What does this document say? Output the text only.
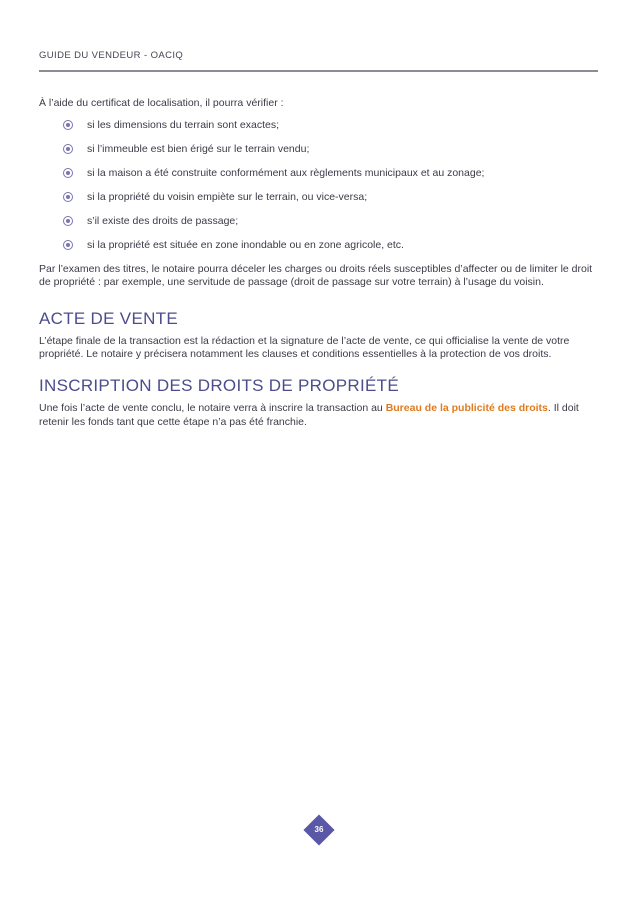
GUIDE DU VENDEUR - OACIQ

À l’aide du certificat de localisation, il pourra vérifier :

si les dimensions du terrain sont exactes;
si l’immeuble est bien érigé sur le terrain vendu;
si la maison a été construite conformément aux règlements municipaux et au zonage;
si la propriété du voisin empiète sur le terrain, ou vice-versa;
s’il existe des droits de passage;
si la propriété est située en zone inondable ou en zone agricole, etc.

Par l’examen des titres, le notaire pourra déceler les charges ou droits réels susceptibles d’affecter ou de limiter le droit de propriété : par exemple, une servitude de passage (droit de passage sur votre terrain) à l’usage du voisin.

ACTE DE VENTE

L’étape finale de la transaction est la rédaction et la signature de l’acte de vente, ce qui officialise la vente de votre propriété. Le notaire y précisera notamment les clauses et conditions essentielles à la protection de vos droits.

INSCRIPTION DES DROITS DE PROPRIÉTÉ

Une fois l’acte de vente conclu, le notaire verra à inscrire la transaction au Bureau de la publicité des droits. Il doit retenir les fonds tant que cette étape n’a pas été franchie.

36
